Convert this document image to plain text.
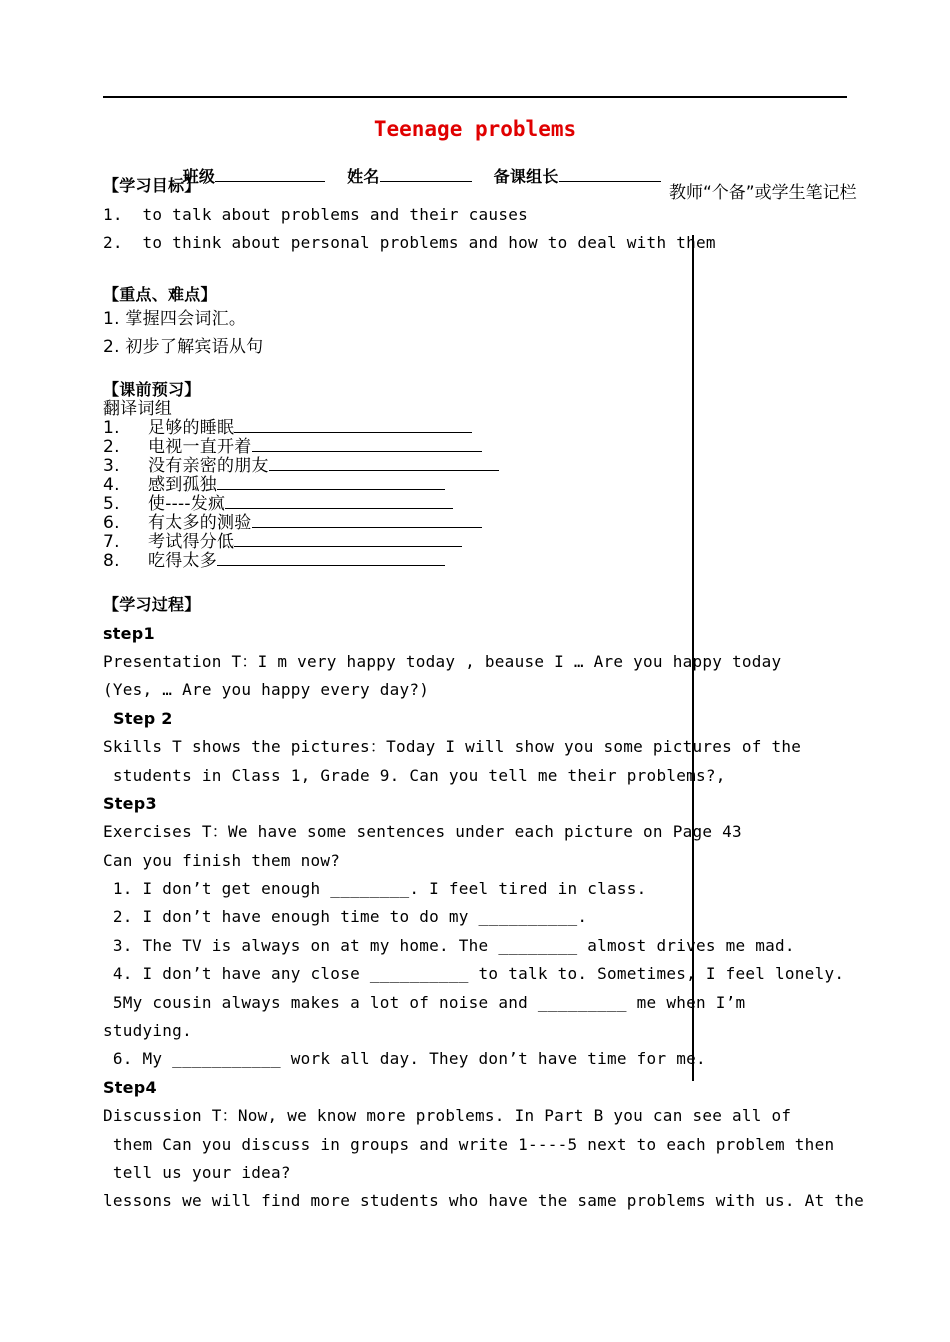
Teenage problems

班级	姓名	备课组长

【学习目标】	教师“个备”或学生笔记栏
1.  to talk about problems and their causes
2.  to think about personal problems and how to deal with them
【重点、难点】
1. 掌握四会词汇。
2. 初步了解宾语从句
【课前预习】
翻译词组
1. 足够的睡眠
2. 电视一直开着
3. 没有亲密的朋友
4. 感到孤独
5. 使----发疯
6. 有太多的测验
7. 考试得分低
8. 吃得太多
【学习过程】
step1
Presentation T：I m very happy today , beause I … Are you happy today
(Yes, … Are you happy every day?)
Step 2
Skills T shows the pictures：Today I will show you some pictures of the
students in Class 1, Grade 9. Can you tell me their problems?,
Step3
Exercises T：We have some sentences under each picture on Page 43
Can you finish them now?
1. I don’t get enough ________. I feel tired in class.
2. I don’t have enough time to do my __________.
3. The TV is always on at my home. The ________ almost drives me mad.
4. I don’t have any close __________ to talk to. Sometimes, I feel lonely.
5My cousin always makes a lot of noise and _________ me when I’m
studying.
6. My ___________ work all day. They don’t have time for me.
Step4
Discussion T：Now, we know more problems. In Part B you can see all of
them Can you discuss in groups and write 1----5 next to each problem then
tell us your idea?
lessons we will find more students who have the same problems with us. At the
